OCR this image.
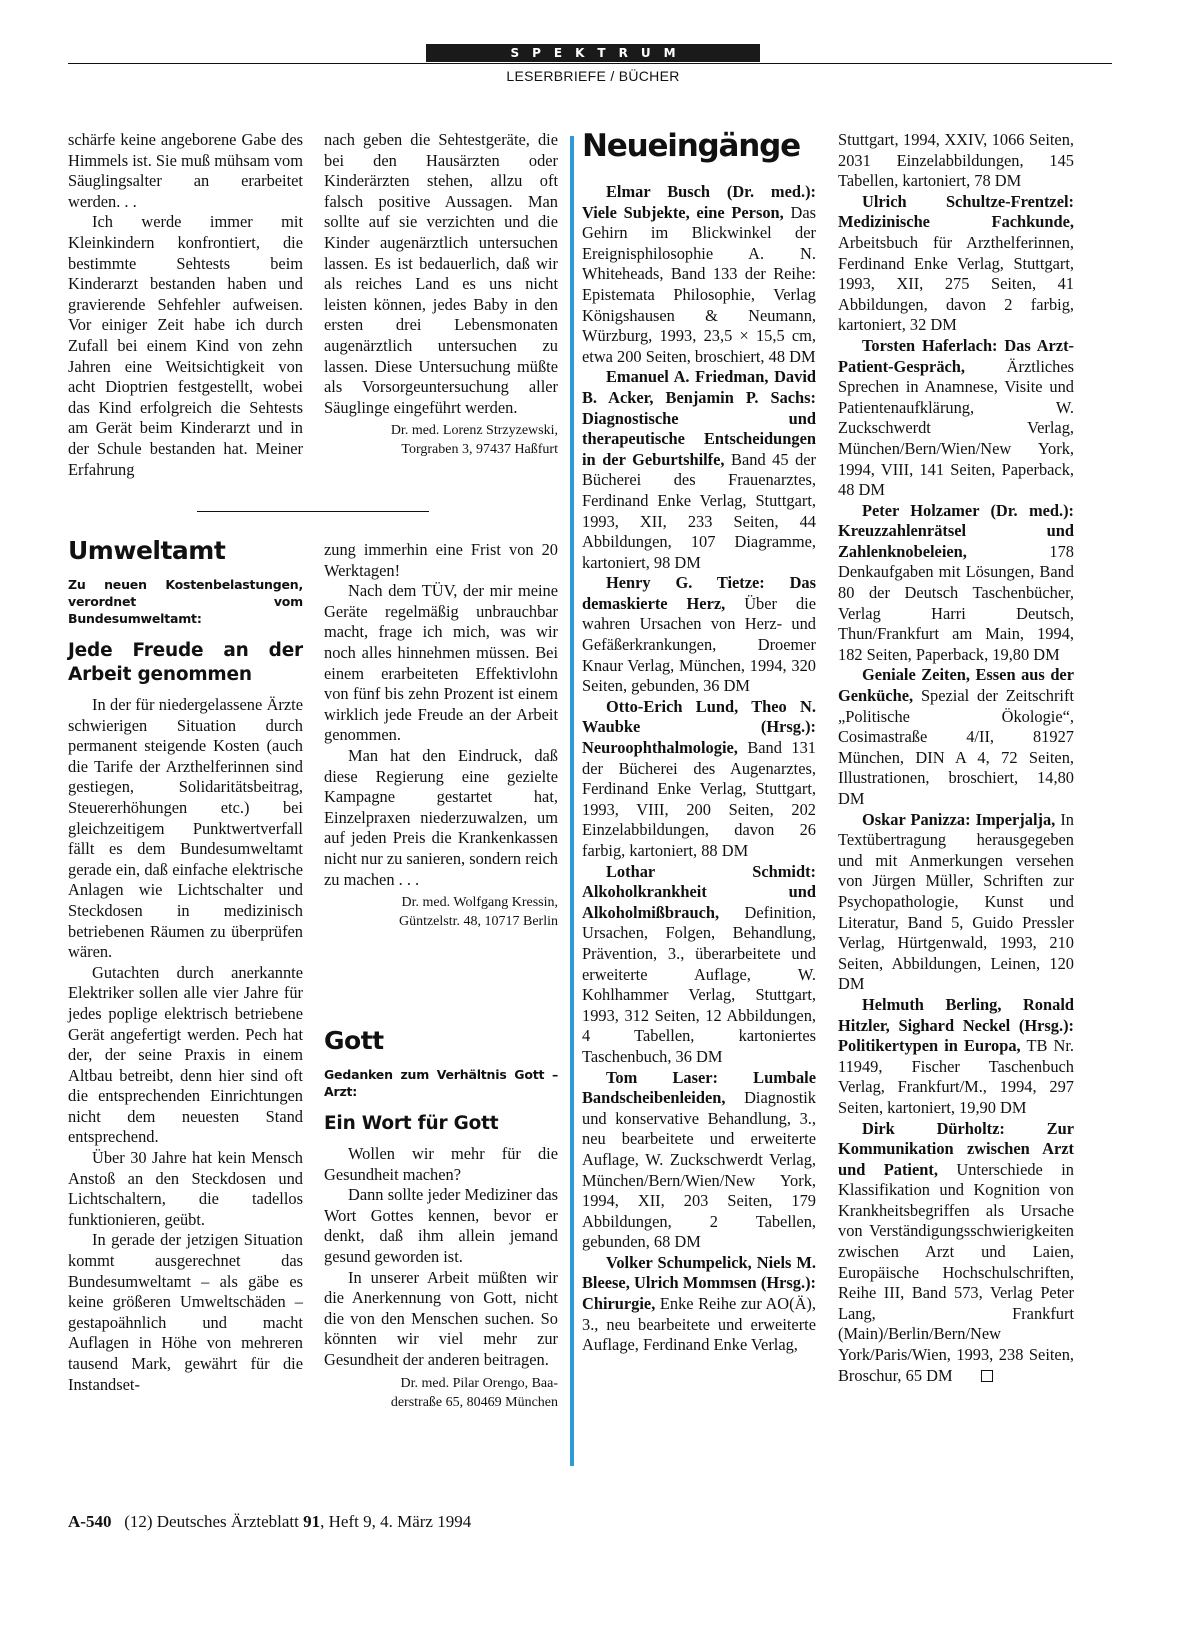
SPEKTRUM
LESERBRIEFE / BÜCHER

schärfe keine angeborene Gabe des Himmels ist. Sie muß mühsam vom Säuglingsalter an erarbeitet werden. . .

Ich werde immer mit Kleinkindern konfrontiert, die bestimmte Sehtests beim Kinderarzt bestanden haben und gravierende Sehfehler aufweisen. Vor einiger Zeit habe ich durch Zufall bei einem Kind von zehn Jahren eine Weitsichtigkeit von acht Dioptrien festgestellt, wobei das Kind erfolgreich die Sehtests am Gerät beim Kinderarzt und in der Schule bestanden hat. Meiner Erfahrung

nach geben die Sehtestgeräte, die bei den Hausärzten oder Kinderärzten stehen, allzu oft falsch positive Aussagen. Man sollte auf sie verzichten und die Kinder augenärztlich untersuchen lassen. Es ist bedauerlich, daß wir als reiches Land es uns nicht leisten können, jedes Baby in den ersten drei Lebensmonaten augenärztlich untersuchen zu lassen. Diese Untersuchung müßte als Vorsorgeuntersuchung aller Säuglinge eingeführt werden.

Dr. med. Lorenz Strzyzewski,
Torgraben 3, 97437 Haßfurt
Umweltamt
Zu neuen Kostenbelastungen, verordnet vom Bundesumweltamt:
Jede Freude an der Arbeit genommen

In der für niedergelassene Ärzte schwierigen Situation durch permanent steigende Kosten (auch die Tarife der Arzthelferinnen sind gestiegen, Solidaritätsbeitrag, Steuererhöhungen etc.) bei gleichzeitigem Punktwertverfall fällt es dem Bundesumweltamt gerade ein, daß einfache elektrische Anlagen wie Lichtschalter und Steckdosen in medizinisch betriebenen Räumen zu überprüfen wären.

Gutachten durch anerkannte Elektriker sollen alle vier Jahre für jedes poplige elektrisch betriebene Gerät angefertigt werden. Pech hat der, der seine Praxis in einem Altbau betreibt, denn hier sind oft die entsprechenden Einrichtungen nicht dem neuesten Stand entsprechend.

Über 30 Jahre hat kein Mensch Anstoß an den Steckdosen und Lichtschaltern, die tadellos funktionieren, geübt.

In gerade der jetzigen Situation kommt ausgerechnet das Bundesumweltamt – als gäbe es keine größeren Umweltschäden – gestapoähnlich und macht Auflagen in Höhe von mehreren tausend Mark, gewährt für die Instandset-

zung immerhin eine Frist von 20 Werktagen!

Nach dem TÜV, der mir meine Geräte regelmäßig unbrauchbar macht, frage ich mich, was wir noch alles hinnehmen müssen. Bei einem erarbeiteten Effektivlohn von fünf bis zehn Prozent ist einem wirklich jede Freude an der Arbeit genommen.

Man hat den Eindruck, daß diese Regierung eine gezielte Kampagne gestartet hat, Einzelpraxen niederzuwalzen, um auf jeden Preis die Krankenkassen nicht nur zu sanieren, sondern reich zu machen . . .

Dr. med. Wolfgang Kressin,
Güntzelstr. 48, 10717 Berlin
Gott
Gedanken zum Verhältnis Gott – Arzt:
Ein Wort für Gott

Wollen wir mehr für die Gesundheit machen?

Dann sollte jeder Mediziner das Wort Gottes kennen, bevor er denkt, daß ihm allein jemand gesund geworden ist.

In unserer Arbeit müßten wir die Anerkennung von Gott, nicht die von den Menschen suchen. So könnten wir viel mehr zur Gesundheit der anderen beitragen.

Dr. med. Pilar Orengo, Baa-
derstraße 65, 80469 München
Neueingänge

Elmar Busch (Dr. med.): Viele Subjekte, eine Person, Das Gehirn im Blickwinkel der Ereignisphilosophie A. N. Whiteheads, Band 133 der Reihe: Epistemata Philosophie, Verlag Königshausen & Neumann, Würzburg, 1993, 23,5 × 15,5 cm, etwa 200 Seiten, broschiert, 48 DM

Emanuel A. Friedman, David B. Acker, Benjamin P. Sachs: Diagnostische und therapeutische Entscheidungen in der Geburtshilfe, Band 45 der Bücherei des Frauenarztes, Ferdinand Enke Verlag, Stuttgart, 1993, XII, 233 Seiten, 44 Abbildungen, 107 Diagramme, kartoniert, 98 DM

Henry G. Tietze: Das demaskierte Herz, Über die wahren Ursachen von Herz- und Gefäßerkrankungen, Droemer Knaur Verlag, München, 1994, 320 Seiten, gebunden, 36 DM

Otto-Erich Lund, Theo N. Waubke (Hrsg.): Neuroophthalmologie, Band 131 der Bücherei des Augenarztes, Ferdinand Enke Verlag, Stuttgart, 1993, VIII, 200 Seiten, 202 Einzelabbildungen, davon 26 farbig, kartoniert, 88 DM

Lothar Schmidt: Alkoholkrankheit und Alkoholmißbrauch, Definition, Ursachen, Folgen, Behandlung, Prävention, 3., überarbeitete und erweiterte Auflage, W. Kohlhammer Verlag, Stuttgart, 1993, 312 Seiten, 12 Abbildungen, 4 Tabellen, kartoniertes Taschenbuch, 36 DM

Tom Laser: Lumbale Bandscheibenleiden, Diagnostik und konservative Behandlung, 3., neu bearbeitete und erweiterte Auflage, W. Zuckschwerdt Verlag, München/Bern/Wien/New York, 1994, XII, 203 Seiten, 179 Abbildungen, 2 Tabellen, gebunden, 68 DM

Volker Schumpelick, Niels M. Bleese, Ulrich Mommsen (Hrsg.): Chirurgie, Enke Reihe zur AO(Ä), 3., neu bearbeitete und erweiterte Auflage, Ferdinand Enke Verlag,

Stuttgart, 1994, XXIV, 1066 Seiten, 2031 Einzelabbildungen, 145 Tabellen, kartoniert, 78 DM

Ulrich Schultze-Frentzel: Medizinische Fachkunde, Arbeitsbuch für Arzthelferinnen, Ferdinand Enke Verlag, Stuttgart, 1993, XII, 275 Seiten, 41 Abbildungen, davon 2 farbig, kartoniert, 32 DM

Torsten Haferlach: Das Arzt-Patient-Gespräch, Ärztliches Sprechen in Anamnese, Visite und Patientenaufklärung, W. Zuckschwerdt Verlag, München/Bern/Wien/New York, 1994, VIII, 141 Seiten, Paperback, 48 DM

Peter Holzamer (Dr. med.): Kreuzzahlenrätsel und Zahlenknobeleien, 178 Denkaufgaben mit Lösungen, Band 80 der Deutsch Taschenbücher, Verlag Harri Deutsch, Thun/Frankfurt am Main, 1994, 182 Seiten, Paperback, 19,80 DM

Geniale Zeiten, Essen aus der Genküche, Spezial der Zeitschrift „Politische Ökologie“, Cosimastraße 4/II, 81927 München, DIN A 4, 72 Seiten, Illustrationen, broschiert, 14,80 DM

Oskar Panizza: Imperjalja, In Textübertragung herausgegeben und mit Anmerkungen versehen von Jürgen Müller, Schriften zur Psychopathologie, Kunst und Literatur, Band 5, Guido Pressler Verlag, Hürtgenwald, 1993, 210 Seiten, Abbildungen, Leinen, 120 DM

Helmuth Berling, Ronald Hitzler, Sighard Neckel (Hrsg.): Politikertypen in Europa, TB Nr. 11949, Fischer Taschenbuch Verlag, Frankfurt/M., 1994, 297 Seiten, kartoniert, 19,90 DM

Dirk Dürholtz: Zur Kommunikation zwischen Arzt und Patient, Unterschiede in Klassifikation und Kognition von Krankheitsbegriffen als Ursache von Verständigungsschwierigkeiten zwischen Arzt und Laien, Europäische Hochschulschriften, Reihe III, Band 573, Verlag Peter Lang, Frankfurt (Main)/Berlin/Bern/New York/Paris/Wien, 1993, 238 Seiten, Broschur, 65 DM

A-540 (12) Deutsches Ärzteblatt 91, Heft 9, 4. März 1994
